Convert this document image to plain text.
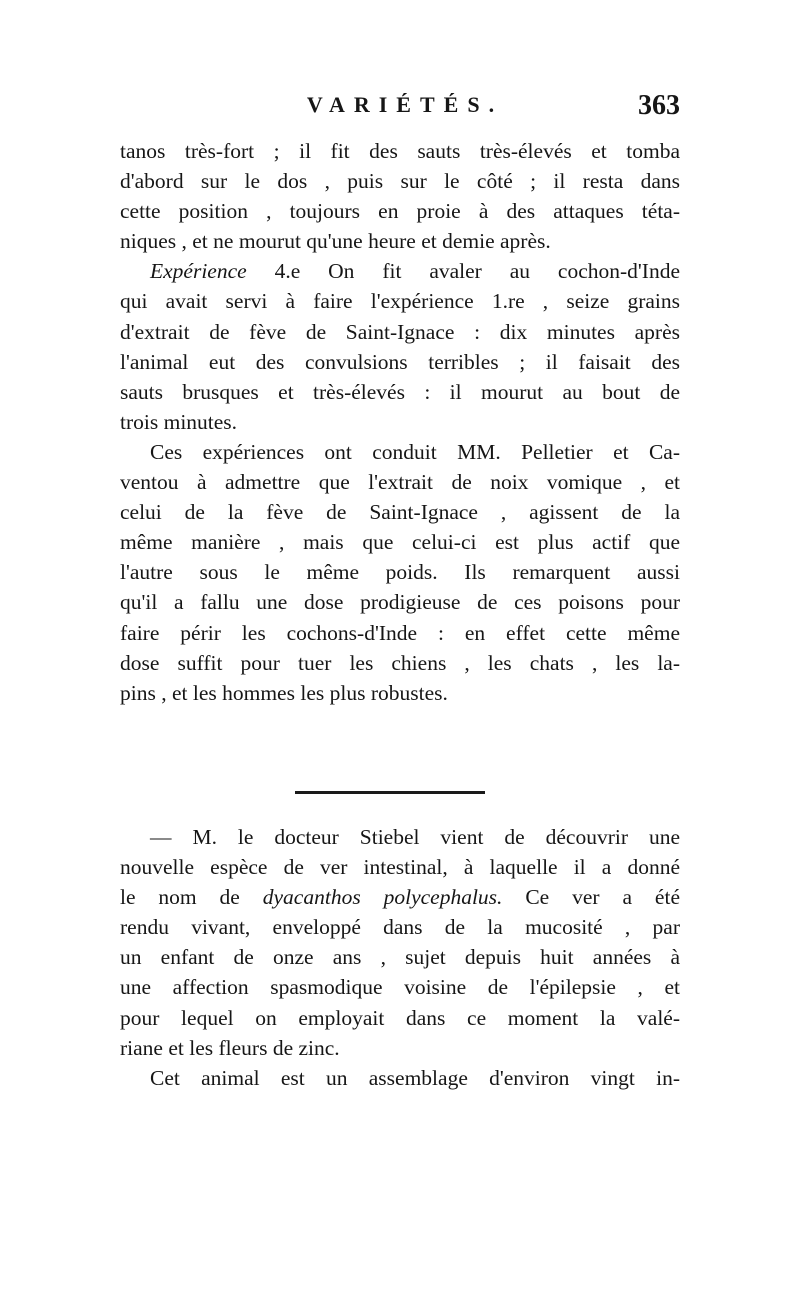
VARIÉTÉS.	363
tanos très-fort ; il fit des sauts très-élevés et tomba
d'abord sur le dos , puis sur le côté ; il resta dans
cette position , toujours en proie à des attaques téta-
niques , et ne mourut qu'une heure et demie après.
Expérience 4.e On fit avaler au cochon-d'Inde
qui avait servi à faire l'expérience 1.re , seize grains
d'extrait de fève de Saint-Ignace : dix minutes après
l'animal eut des convulsions terribles ; il faisait des
sauts brusques et très-élevés : il mourut au bout de
trois minutes.
Ces expériences ont conduit MM. Pelletier et Ca-
ventou à admettre que l'extrait de noix vomique , et
celui de la fève de Saint-Ignace , agissent de la
même manière , mais que celui-ci est plus actif que
l'autre sous le même poids. Ils remarquent aussi
qu'il a fallu une dose prodigieuse de ces poisons pour
faire périr les cochons-d'Inde : en effet cette même
dose suffit pour tuer les chiens , les chats , les la-
pins , et les hommes les plus robustes.
— M. le docteur Stiebel vient de découvrir une
nouvelle espèce de ver intestinal, à laquelle il a donné
le nom de dyacanthos polycephalus. Ce ver a été
rendu vivant, enveloppé dans de la mucosité , par
un enfant de onze ans , sujet depuis huit années à
une affection spasmodique voisine de l'épilepsie , et
pour lequel on employait dans ce moment la valé-
riane et les fleurs de zinc.
Cet animal est un assemblage d'environ vingt in-
